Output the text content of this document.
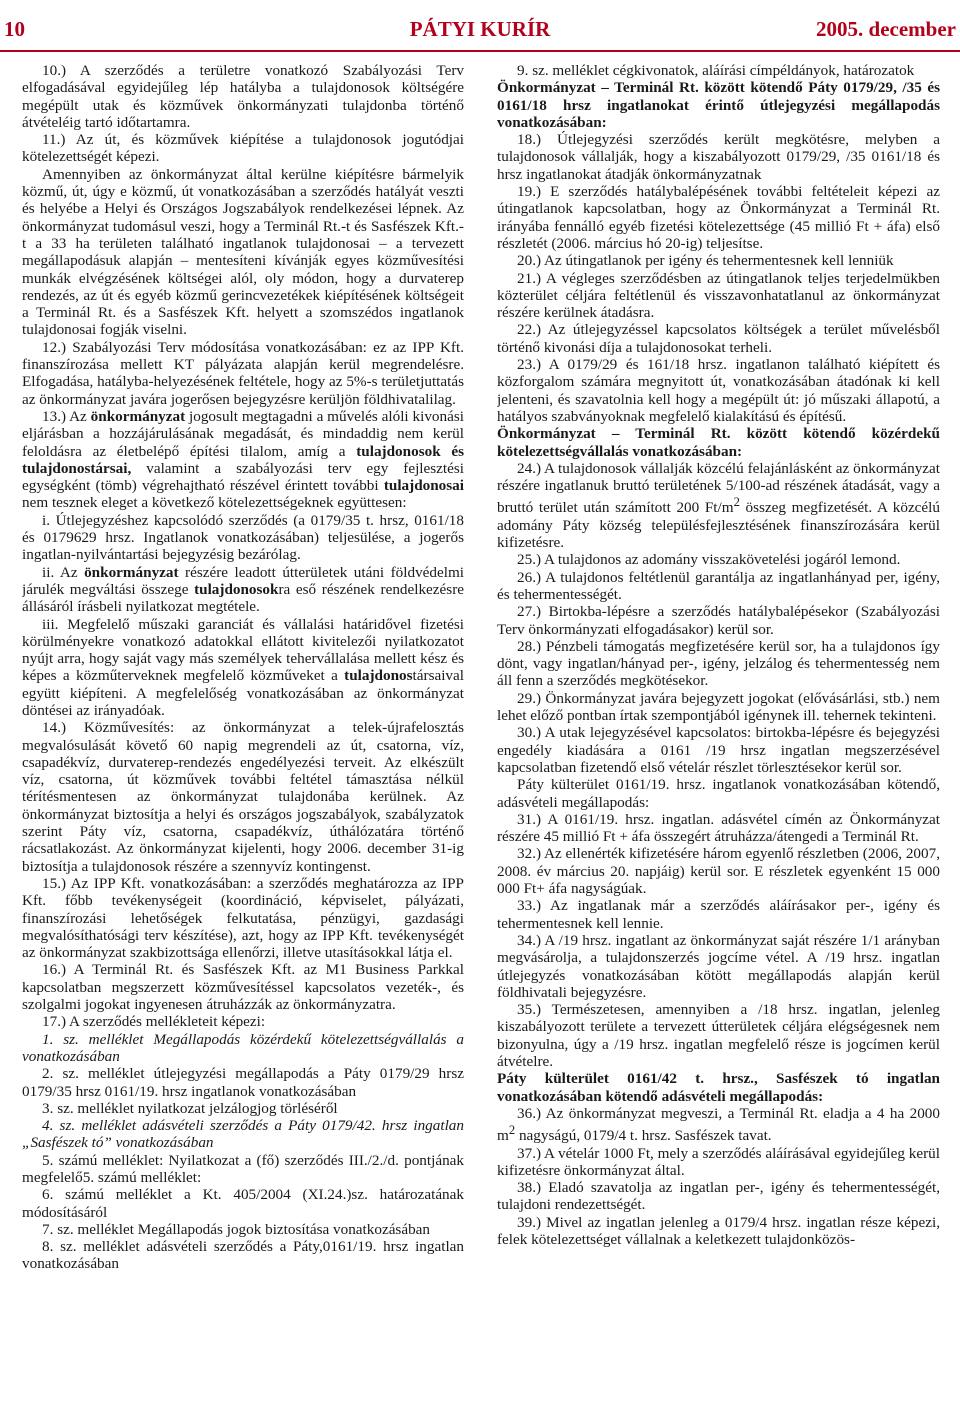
10	PÁTYI KURÍR	2005. december

10.) A szerződés a területre vonatkozó Szabályozási Terv elfogadásával egyidejűleg lép hatályba a tulajdonosok költségére megépült utak és közművek önkormányzati tulajdonba történő átvételéig tartó időtartamra.

11.) Az út, és közművek kiépítése a tulajdonosok jogutódjai kötelezettségét képezi.

Amennyiben az önkormányzat által kerülne kiépítésre bármelyik közmű, út, úgy e közmű, út vonatkozásában a szerződés hatályát veszti és helyébe a Helyi és Országos Jogszabályok rendelkezései lépnek. Az önkormányzat tudomásul veszi, hogy a Terminál Rt.-t és Sasfészek Kft.-t a 33 ha területen található ingatlanok tulajdonosai – a tervezett megállapodásuk alapján – mentesíteni kívánják egyes közművesítési munkák elvégzésének költségei alól, oly módon, hogy a durvaterep rendezés, az út és egyéb közmű gerincvezetékek kiépítésének költségeit a Terminál Rt. és a Sasfészek Kft. helyett a szomszédos ingatlanok tulajdonosai fogják viselni.

12.) Szabályozási Terv módosítása vonatkozásában: ez az IPP Kft. finanszírozása mellett KT pályázata alapján kerül megrendelésre. Elfogadása, hatályba-helyezésének feltétele, hogy az 5%-s területjuttatás az önkormányzat javára jogerősen bejegyzésre kerüljön földhivatalilag.

13.) Az önkormányzat jogosult megtagadni a művelés alóli kivonási eljárásban a hozzájárulásának megadását, és mindaddig nem kerül feloldásra az életbelépő építési tilalom, amíg a tulajdonosok és tulajdonostársai, valamint a szabályozási terv egy fejlesztési egységként (tömb) végrehajtható részével érintett további tulajdonosai nem tesznek eleget a következő kötelezettségeknek együttesen:

i. Útlejegyzéshez kapcsolódó szerződés (a 0179/35 t. hrsz, 0161/18 és 0179629 hrsz. Ingatlanok vonatkozásában) teljesülése, a jogerős ingatlan-nyilvántartási bejegyzésig bezárólag.

ii. Az önkormányzat részére leadott útterületek utáni földvédelmi járulék megváltási összege tulajdonosokra eső részének rendelkezésre állásáról írásbeli nyilatkozat megtétele.

iii. Megfelelő műszaki garanciát és vállalási határidővel fizetési körülményekre vonatkozó adatokkal ellátott kivitelezői nyilatkozatot nyújt arra, hogy saját vagy más személyek tehervállalása mellett kész és képes a közműterveknek megfelelő közműveket a tulajdonostársaival együtt kiépíteni. A megfelelőség vonatkozásában az önkormányzat döntései az irányadóak.

14.) Közművesítés: az önkormányzat a telek-újrafelosztás megvalósulását követő 60 napig megrendeli az út, csatorna, víz, csapadékvíz, durvaterep-rendezés engedélyezési terveit. Az elkészült víz, csatorna, út közművek további feltétel támasztása nélkül térítésmentesen az önkormányzat tulajdonába kerülnek. Az önkormányzat biztosítja a helyi és országos jogszabályok, szabályzatok szerint Páty víz, csatorna, csapadékvíz, úthálózatára történő rácsatlakozást. Az önkormányzat kijelenti, hogy 2006. december 31-ig biztosítja a tulajdonosok részére a szennyvíz kontingenst.

15.) Az IPP Kft. vonatkozásában: a szerződés meghatározza az IPP Kft. főbb tevékenységeit (koordináció, képviselet, pályázati, finanszírozási lehetőségek felkutatása, pénzügyi, gazdasági megvalósíthatósági terv készítése), azt, hogy az IPP Kft. tevékenységét az önkormányzat szakbizottsága ellenőrzi, illetve utasításokkal látja el.

16.) A Terminál Rt. és Sasfészek Kft. az M1 Business Parkkal kapcsolatban megszerzett közművesítéssel kapcsolatos vezeték-, és szolgalmi jogokat ingyenesen átruházzák az önkormányzatra.

17.) A szerződés mellékleteit képezi:

1. sz. melléklet Megállapodás közérdekű kötelezettségvállalás a vonatkozásában

2. sz. melléklet útlejegyzési megállapodás a Páty 0179/29 hrsz 0179/35 hrsz 0161/19. hrsz ingatlanok vonatkozásában

3. sz. melléklet nyilatkozat jelzálogjog törléséről

4. sz. melléklet adásvételi szerződés a Páty 0179/42. hrsz ingatlan „Sasfészek tó” vonatkozásában

5. számú melléklet: Nyilatkozat a (fő) szerződés III./2./d. pontjának megfelelő5. számú melléklet:

6. számú melléklet a Kt. 405/2004 (XI.24.)sz. határozatának módosításáról

7. sz. melléklet Megállapodás jogok biztosítása vonatkozásában

8. sz. melléklet adásvételi szerződés a Páty,0161/19. hrsz ingatlan vonatkozásában

9. sz. melléklet cégkivonatok, aláírási címpéldányok, határozatok

Önkormányzat – Terminál Rt. között kötendő Páty 0179/29, /35 és 0161/18 hrsz ingatlanokat érintő útlejegyzési megállapodás vonatkozásában:

18.) Útlejegyzési szerződés került megkötésre, melyben a tulajdonosok vállalják, hogy a kiszabályozott 0179/29, /35 0161/18 és hrsz ingatlanokat átadják önkormányzatnak

19.) E szerződés hatálybalépésének további feltételeit képezi az útingatlanok kapcsolatban, hogy az Önkormányzat a Terminál Rt. irányába fennálló egyéb fizetési kötelezettsége (45 millió Ft + áfa) első részletét (2006. március hó 20-ig) teljesítse.

20.) Az útingatlanok per igény és tehermentesnek kell lenniük

21.) A végleges szerződésben az útingatlanok teljes terjedelmükben közterület céljára feltétlenül és visszavonhatatlanul az önkormányzat részére kerülnek átadásra.

22.) Az útlejegyzéssel kapcsolatos költségek a terület művelésből történő kivonási díja a tulajdonosokat terheli.

23.) A 0179/29 és 161/18 hrsz. ingatlanon található kiépített és közforgalom számára megnyitott út, vonatkozásában átadónak ki kell jelenteni, és szavatolnia kell hogy a megépült út: jó műszaki állapotú, a hatályos szabványoknak megfelelő kialakítású és építésű.

Önkormányzat – Terminál Rt. között kötendő közérdekű kötelezettségvállalás vonatkozásában:

24.) A tulajdonosok vállalják közcélú felajánlásként az önkormányzat részére ingatlanuk bruttó területének 5/100-ad részének átadását, vagy a bruttó terület után számított 200 $Ft/m^2$ összeg megfizetését. A közcélú adomány Páty község településfejlesztésének finanszírozására kerül kifizetésre.

25.) A tulajdonos az adomány visszakövetelési jogáról lemond.

26.) A tulajdonos feltétlenül garantálja az ingatlanhányad per, igény, és tehermentességét.

27.) Birtokba-lépésre a szerződés hatálybalépésekor (Szabályozási Terv önkormányzati elfogadásakor) kerül sor.

28.) Pénzbeli támogatás megfizetésére kerül sor, ha a tulajdonos így dönt, vagy ingatlan/hányad per-, igény, jelzálog és tehermentesség nem áll fenn a szerződés megkötésekor.

29.) Önkormányzat javára bejegyzett jogokat (elővásárlási, stb.) nem lehet előző pontban írtak szempontjából igénynek ill. tehernek tekinteni.

30.) A utak lejegyzésével kapcsolatos: birtokba-lépésre és bejegyzési engedély kiadására a 0161 /19 hrsz ingatlan megszerzésével kapcsolatban fizetendő első vételár részlet törlesztésekor kerül sor.

Páty külterület 0161/19. hrsz. ingatlanok vonatkozásában kötendő, adásvételi megállapodás:

31.) A 0161/19. hrsz. ingatlan. adásvétel címén az Önkormányzat részére 45 millió Ft + áfa összegért átruházza/átengedi a Terminál Rt.

32.) Az ellenérték kifizetésére három egyenlő részletben (2006, 2007, 2008. év március 20. napjáig) kerül sor. E részletek egyenként 15 000 000 Ft+ áfa nagyságúak.

33.) Az ingatlanak már a szerződés aláírásakor per-, igény és tehermentesnek kell lennie.

34.) A /19 hrsz. ingatlant az önkormányzat saját részére 1/1 arányban megvásárolja, a tulajdonszerzés jogcíme vétel. A /19 hrsz. ingatlan útlejegyzés vonatkozásában kötött megállapodás alapján kerül földhivatali bejegyzésre.

35.) Természetesen, amennyiben a /18 hrsz. ingatlan, jelenleg kiszabályozott területe a tervezett útterületek céljára elégségesnek nem bizonyulna, úgy a /19 hrsz. ingatlan megfelelő része is jogcímen kerül átvételre.

Páty külterület 0161/42 t. hrsz., Sasfészek tó ingatlan vonatkozásában kötendő adásvételi megállapodás:

36.) Az önkormányzat megveszi, a Terminál Rt. eladja a 4 ha 2000 $m^2$ nagyságú, 0179/4 t. hrsz. Sasfészek tavat.

37.) A vételár 1000 Ft, mely a szerződés aláírásával egyidejűleg kerül kifizetésre önkormányzat által.

38.) Eladó szavatolja az ingatlan per-, igény és tehermentességét, tulajdoni rendezettségét.

39.) Mivel az ingatlan jelenleg a 0179/4 hrsz. ingatlan része képezi, felek kötelezettséget vállalnak a keletkezett tulajdonközös-
